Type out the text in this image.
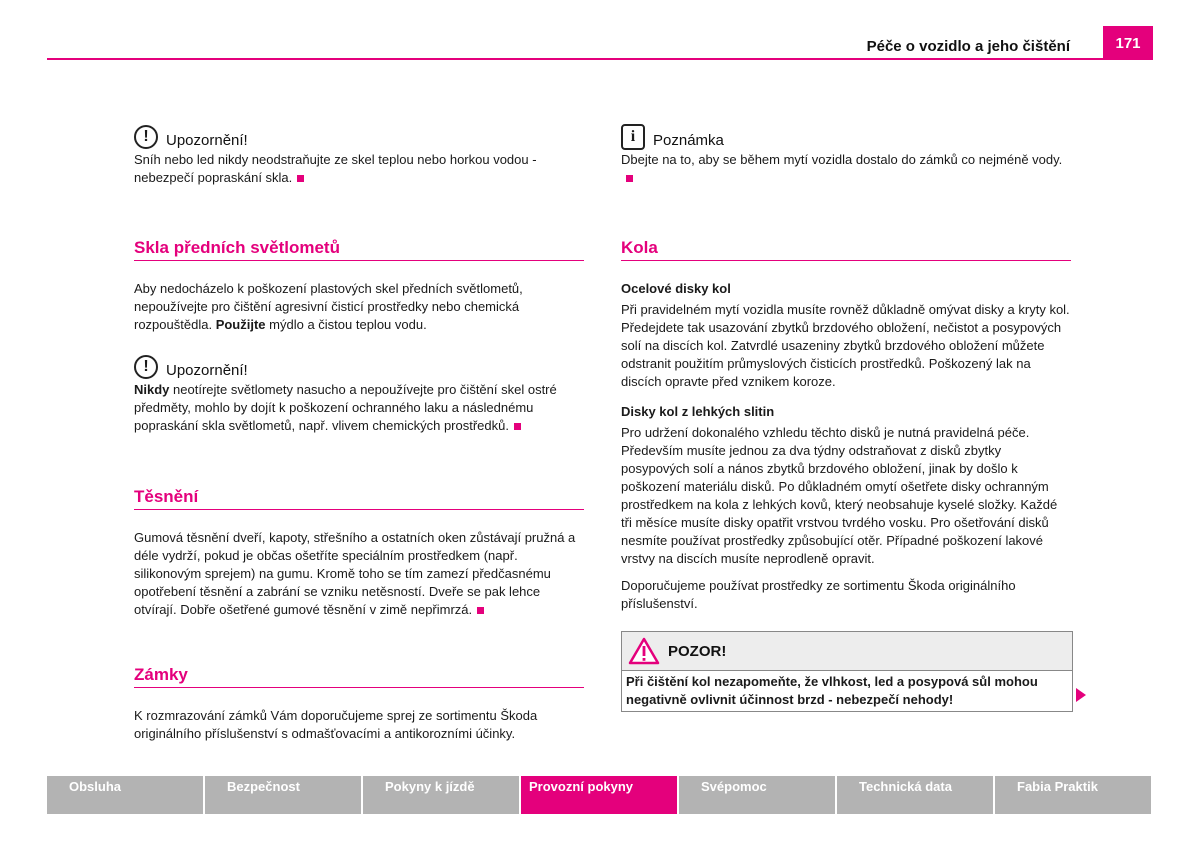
Péče o vozidlo a jeho čištění	171
!	Upozornění!

Sníh nebo led nikdy neodstraňujte ze skel teplou nebo horkou vodou - nebezpečí popraskání skla.

Skla předních světlometů

Aby nedocházelo k poškození plastových skel předních světlometů, nepoužívejte pro čištění agresivní čisticí prostředky nebo chemická rozpouštědla. Použijte mýdlo a čistou teplou vodu.

!	Upozornění!

Nikdy neotírejte světlomety nasucho a nepoužívejte pro čištění skel ostré předměty, mohlo by dojít k poškození ochranného laku a následnému popraskání skla světlometů, např. vlivem chemických prostředků.

Těsnění

Gumová těsnění dveří, kapoty, střešního a ostatních oken zůstávají pružná a déle vydrží, pokud je občas ošetříte speciálním prostředkem (např. silikonovým sprejem) na gumu. Kromě toho se tím zamezí předčasnému opotřebení těsnění a zabrání se vzniku netěsností. Dveře se pak lehce otvírají. Dobře ošetřené gumové těsnění v zimě nepřimrzá.

Zámky

K rozmrazování zámků Vám doporučujeme sprej ze sortimentu Škoda originálního příslušenství s odmašťovacími a antikorozními účinky.

i	Poznámka

Dbejte na to, aby se během mytí vozidla dostalo do zámků co nejméně vody.

Kola

Ocelové disky kol

Při pravidelném mytí vozidla musíte rovněž důkladně omývat disky a kryty kol. Předejdete tak usazování zbytků brzdového obložení, nečistot a posypových solí na discích kol. Zatvrdlé usazeniny zbytků brzdového obložení můžete odstranit použitím průmyslových čisticích prostředků. Poškozený lak na discích opravte před vznikem koroze.

Disky kol z lehkých slitin

Pro udržení dokonalého vzhledu těchto disků je nutná pravidelná péče. Především musíte jednou za dva týdny odstraňovat z disků zbytky posypových solí a nános zbytků brzdového obložení, jinak by došlo k poškození materiálu disků. Po důkladném omytí ošetřete disky ochranným prostředkem na kola z lehkých kovů, který neobsahuje kyselé složky. Každé tři měsíce musíte disky opatřit vrstvou tvrdého vosku. Pro ošetřování disků nesmíte používat prostředky způsobující otěr. Případné poškození lakové vrstvy na discích musíte neprodleně opravit.

Doporučujeme používat prostředky ze sortimentu Škoda originálního příslušenství.

POZOR!
Při čištění kol nezapomeňte, že vlhkost, led a posypová sůl mohou negativně ovlivnit účinnost brzd - nebezpečí nehody!
Obsluha	Bezpečnost	Pokyny k jízdě	Provozní pokyny	Svépomoc	Technická data	Fabia Praktik
